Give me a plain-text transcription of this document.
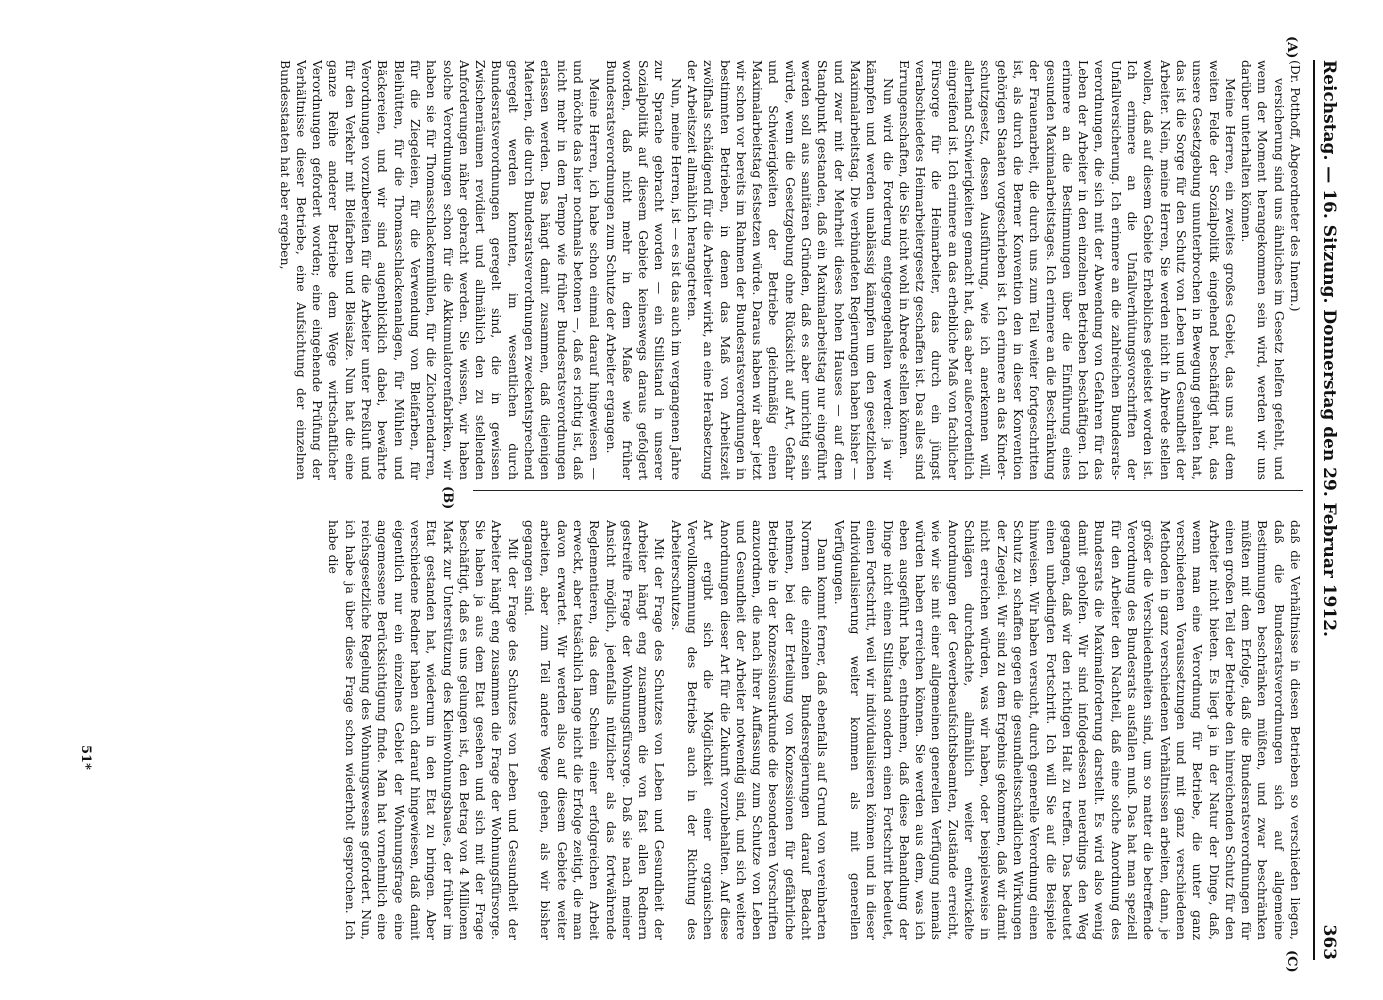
Reichstag. — 16. Sitzung. Donnerstag den 29. Februar 1912.
363
(A)
(C)
(B)

(Dr. Potthoff, Abgeordneter des Innern.)

versicherung sind uns ähnliches im Gesetz helfen gefehlt, und wenn der Moment herangekommen sein wird, werden wir uns darüber unterhalten können.

Meine Herren, ein zweites großes Gebiet, das uns auf dem weiten Felde der Sozialpolitik eingehend beschäftigt hat, das unsere Gesetzgebung ununterbrochen in Bewegung gehalten hat, das ist die Sorge für den Schutz von Leben und Gesundheit der Arbeiter. Nein, meine Herren, Sie werden nicht in Abrede stellen wollen, daß auf diesem Gebiete Erhebliches geleistet worden ist. Ich erinnere an die Unfallverhütungsvorschriften der Unfallversicherung. Ich erinnere an die zahlreichen Bundesrats-verordnungen, die sich mit der Abwendung von Gefahren für das Leben der Arbeiter in den einzelnen Betrieben beschäftigen. Ich erinnere an die Bestimmungen über die Einführung eines gesunden Maximalarbeitstages. Ich erinnere an die Beschränkung der Frauenarbeit, die durch uns zum Teil weiter fortgeschritten ist, als durch die Berner Konvention den in dieser Konvention gehörigen Staaten vorgeschrieben ist. Ich erinnere an das Kinder-schutzgesetz, dessen Ausführung, wie ich anerkennen will, allerhand Schwierigkeiten gemacht hat, das aber außerordentlich eingreifend ist. Ich erinnere an das erhebliche Maß von fachlicher Fürsorge für die Heimarbeiter, das durch ein jüngst verabschiedetes Heimarbeitergesetz geschaffen ist. Das alles sind Errungenschaften, die Sie nicht wohl in Abrede stellen können.

Nun wird die Forderung entgegengehalten werden: ja wir kämpfen und werden unablässig kämpfen um den gesetzlichen Maximalarbeitstag. Die verbündeten Regierungen haben bisher — und zwar mit der Mehrheit dieses hohen Hauses — auf dem Standpunkt gestanden, daß ein Maximalarbeitstag nur eingeführt werden soll aus sanitären Gründen, daß es aber unrichtig sein würde, wenn die Gesetzgebung ohne Rücksicht auf Art, Gefahr und Schwierigkeiten der Betriebe gleichmäßig einen Maximalarbeitstag festsetzen würde. Daraus haben wir aber jetzt wir schon vor bereits im Rahmen der Bundesratsverordnungen in bestimmten Betrieben, in denen das Maß von Arbeitszeit zwölfhals schädigend für die Arbeiter wirkt, an eine Herabsetzung der Arbeitszeit allmählich herangetreten.

Nun, meine Herren, ist — es ist das auch im vergangenen Jahre zur Sprache gebracht worden — ein Stillstand in unserer Sozialpolitik auf diesem Gebiete keineswegs daraus gefolgert worden, daß nicht mehr in dem Maße wie früher Bundesratsverordnungen zum Schutze der Arbeiter ergangen.

Meine Herren, ich habe schon einmal darauf hingewiesen — und möchte das hier nochmals betonen —, daß es richtig ist, daß nicht mehr in dem Tempo wie früher Bundesratsverordnungen erlassen werden. Das hängt damit zusammen, daß diejenigen Materien, die durch Bundesratsverordnungen zweckentsprechend geregelt werden konnten, im wesentlichen durch Bundesratsverordnungen geregelt sind, die in gewissen Zwischenräumen revidiert und allmählich den zu stellenden Anforderungen näher gebracht werden. Sie wissen, wir haben solche Verordnungen schon für die Akkumulatorenfabriken, wir haben sie für Thomasschlackenmühlen, für die Zichoriendarren, für die Ziegeleien, für die Verwendung von Bleifarben, für Bleihütten, für die Thomasschlackenanlagen, für Mühlen und Bäckereien, und wir sind augenblicklich dabei, bewährte Verordnungen vorzubereiten für die Arbeiter unter Preßluft und für den Verkehr mit Bleifarben und Bleisalze. Nun hat die eine ganze Reihe anderer Betriebe dem Wege wirtschaftlicher Verordnungen gefordert worden; eine eingehende Prüfung der Verhältnisse dieser Betriebe, eine Aufsichtung der einzelnen Bundesstaaten hat aber ergeben,

daß die Verhältnisse in diesen Betrieben so verschieden liegen, daß die Bundesratsverordnungen sich auf allgemeine Bestimmungen beschränken müßten, und zwar beschränken müßten mit dem Erfolge, daß die Bundesratsverordnungen für einen großen Teil der Betriebe den hinreichenden Schutz für den Arbeiter nicht bieten. Es liegt ja in der Natur der Dinge, daß, wenn man eine Verordnung für Betriebe, die unter ganz verschiedenen Voraussetzungen und mit ganz verschiedenen Methoden in ganz verschiedenen Verhältnissen arbeiten, dann, je größer die Verschiedenheiten sind, um so matter die betreffende Verordnung des Bundesrats ausfallen muß. Das hat man speziell für den Arbeiter den Nachteil, daß eine solche Anordnung des Bundesrats die Maximalforderung darstellt. Es wird also wenig damit geholfen. Wir sind infolgedessen neuerdings den Weg gegangen, daß wir den richtigen Halt zu treffen. Das bedeutet einen unbedingten Fortschritt. Ich will Sie auf die Beispiele hinweisen. Wir haben versucht, durch generelle Verordnung einen Schutz zu schaffen gegen die gesundheitsschädlichen Wirkungen der Ziegelei. Wir sind zu dem Ergebnis gekommen, daß wir damit nicht erreichen würden, was wir haben, oder beispielsweise in Schlägen durchdachte, allmählich weiter entwickelte Anordnungen der Gewerbeaufsichtsbeamten, Zustände erreicht, wie wir sie mit einer allgemeinen generellen Verfügung niemals würden haben erreichen können. Sie werden aus dem, was ich eben ausgeführt habe, entnehmen, daß diese Behandlung der Dinge nicht einen Stillstand sondern einen Fortschritt bedeutet, einen Fortschritt, weil wir individualisieren können und in dieser Individualisierung weiter kommen als mit generellen Verfügungen.

Dann kommt ferner, daß ebenfalls auf Grund von vereinbarten Normen die einzelnen Bundesregierungen darauf Bedacht nehmen, bei der Erteilung von Konzessionen für gefährliche Betriebe in der Konzessionsurkunde die besonderen Vorschriften anzuordnen, die nach ihrer Auffassung zum Schutze von Leben und Gesundheit der Arbeiter notwendig sind, und sich weitere Anordnungen dieser Art für die Zukunft vorzubehalten. Auf diese Art ergibt sich die Möglichkeit einer organischen Vervollkommnung des Betriebs auch in der Richtung des Arbeiterschutzes.

Mit der Frage des Schutzes von Leben und Gesundheit der Arbeiter hängt eng zusammen die von fast allen Rednern gestreifte Frage der Wohnungsfürsorge. Daß sie nach meiner Ansicht möglich, jedenfalls nützlicher als das fortwährende Reglementieren, das dem Schein einer erfolgreichen Arbeit erweckt, aber tatsächlich lange nicht die Erfolge zeitigt, die man davon erwartet. Wir werden also auf diesem Gebiete weiter arbeiten, aber zum Teil andere Wege gehen, als wir bisher gegangen sind.

Mit der Frage des Schutzes von Leben und Gesundheit der Arbeiter hängt eng zusammen die Frage der Wohnungsfürsorge. Sie haben ja aus dem Etat gesehen und sich mit der Frage beschäftigt, daß es uns gelungen ist, den Betrag von 4 Millionen Mark zur Unterstützung des Kleinwohnungsbaues, der früher im Etat gestanden hat, wiederum in den Etat zu bringen. Aber verschiedene Redner haben auch darauf hingewiesen, daß damit eigentlich nur ein einzelnes Gebiet der Wohnungsfrage eine angemessene Berücksichtigung finde. Man hat vornehmlich eine reichsgesetzliche Regelung des Wohnungswesens gefordert. Nun, ich habe ja über diese Frage schon wiederholt gesprochen. Ich habe die

51*
